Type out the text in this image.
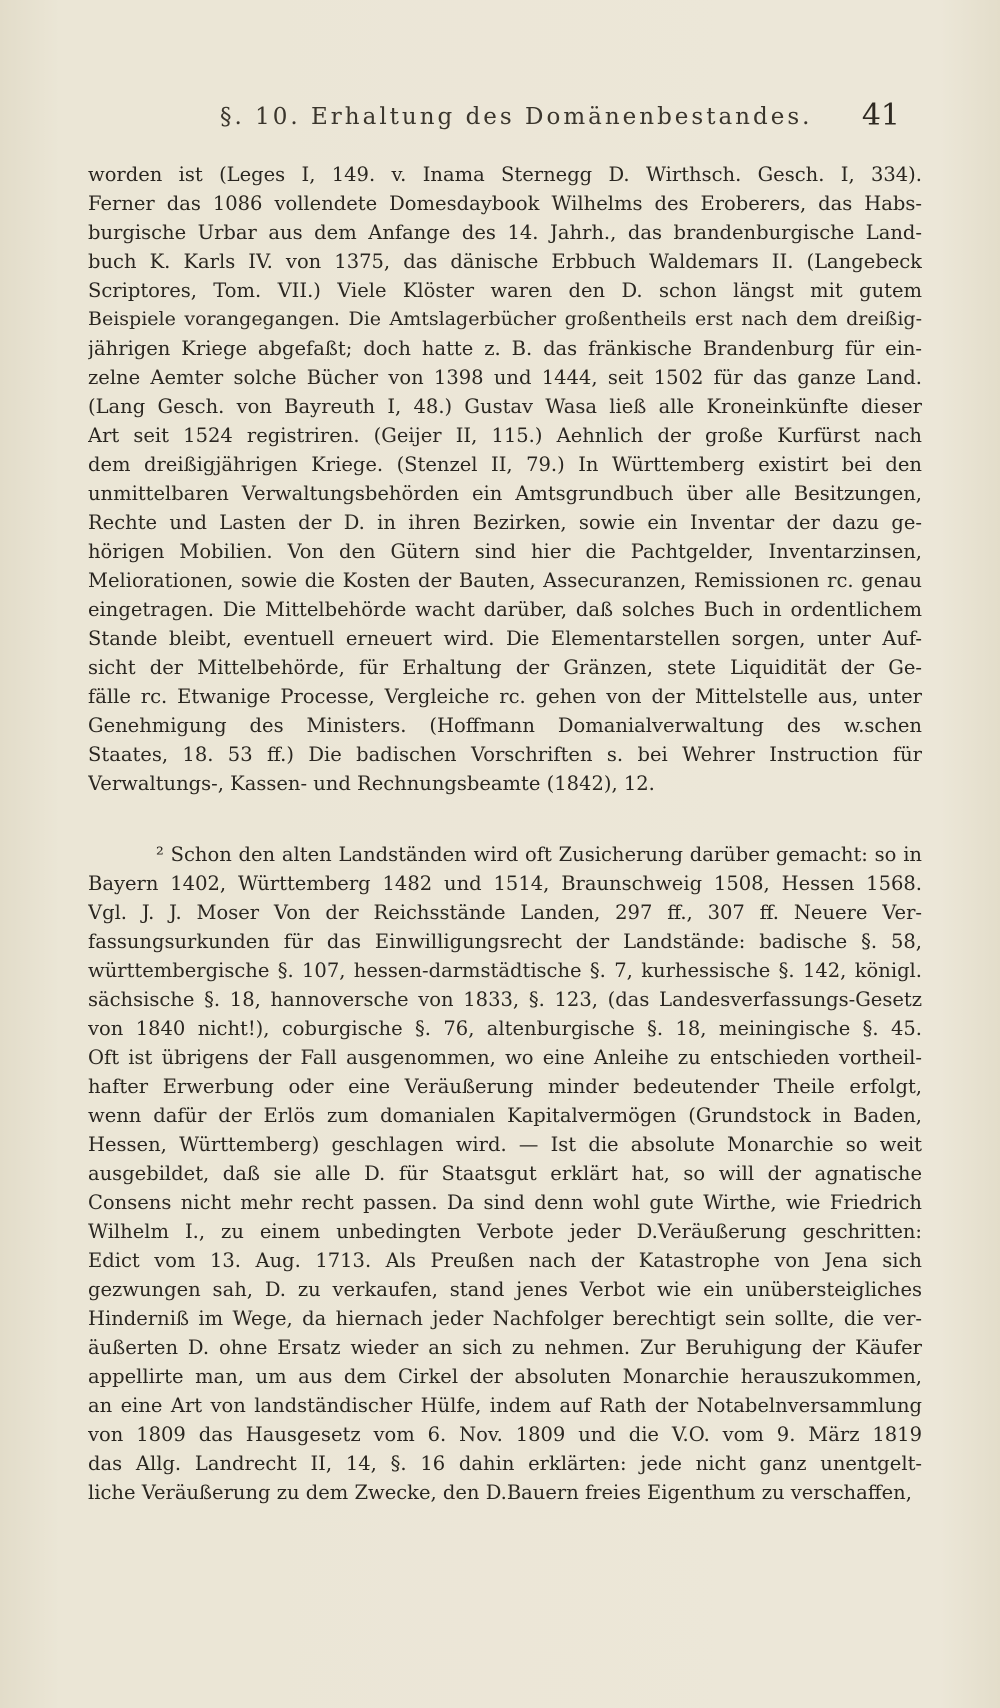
§. 10. Erhaltung des Domänenbestandes. 41
worden ist (Leges I, 149. v. Inama Sternegg D. Wirthsch. Gesch. I, 334).
Ferner das 1086 vollendete Domesdaybook Wilhelms des Eroberers, das Habs-
burgische Urbar aus dem Anfange des 14. Jahrh., das brandenburgische Land-
buch K. Karls IV. von 1375, das dänische Erbbuch Waldemars II. (Langebeck
Scriptores, Tom. VII.) Viele Klöster waren den D. schon längst mit gutem
Beispiele vorangegangen. Die Amtslagerbücher großentheils erst nach dem dreißig-
jährigen Kriege abgefaßt; doch hatte z. B. das fränkische Brandenburg für ein-
zelne Aemter solche Bücher von 1398 und 1444, seit 1502 für das ganze Land.
(Lang Gesch. von Bayreuth I, 48.) Gustav Wasa ließ alle Kroneinkünfte dieser
Art seit 1524 registriren. (Geijer II, 115.) Aehnlich der große Kurfürst nach
dem dreißigjährigen Kriege. (Stenzel II, 79.) In Württemberg existirt bei den
unmittelbaren Verwaltungsbehörden ein Amtsgrundbuch über alle Besitzungen,
Rechte und Lasten der D. in ihren Bezirken, sowie ein Inventar der dazu ge-
hörigen Mobilien. Von den Gütern sind hier die Pachtgelder, Inventarzinsen,
Meliorationen, sowie die Kosten der Bauten, Assecuranzen, Remissionen rc. genau
eingetragen. Die Mittelbehörde wacht darüber, daß solches Buch in ordentlichem
Stande bleibt, eventuell erneuert wird. Die Elementarstellen sorgen, unter Auf-
sicht der Mittelbehörde, für Erhaltung der Gränzen, stete Liquidität der Ge-
fälle rc. Etwanige Processe, Vergleiche rc. gehen von der Mittelstelle aus, unter
Genehmigung des Ministers. (Hoffmann Domanialverwaltung des w.schen
Staates, 18. 53 ff.) Die badischen Vorschriften s. bei Wehrer Instruction für
Verwaltungs-, Kassen- und Rechnungsbeamte (1842), 12.
² Schon den alten Landständen wird oft Zusicherung darüber gemacht: so in
Bayern 1402, Württemberg 1482 und 1514, Braunschweig 1508, Hessen 1568.
Vgl. J. J. Moser Von der Reichsstände Landen, 297 ff., 307 ff. Neuere Ver-
fassungsurkunden für das Einwilligungsrecht der Landstände: badische §. 58,
württembergische §. 107, hessen-darmstädtische §. 7, kurhessische §. 142, königl.
sächsische §. 18, hannoversche von 1833, §. 123, (das Landesverfassungs-Gesetz
von 1840 nicht!), coburgische §. 76, altenburgische §. 18, meiningische §. 45.
Oft ist übrigens der Fall ausgenommen, wo eine Anleihe zu entschieden vortheil-
hafter Erwerbung oder eine Veräußerung minder bedeutender Theile erfolgt,
wenn dafür der Erlös zum domanialen Kapitalvermögen (Grundstock in Baden,
Hessen, Württemberg) geschlagen wird. — Ist die absolute Monarchie so weit
ausgebildet, daß sie alle D. für Staatsgut erklärt hat, so will der agnatische
Consens nicht mehr recht passen. Da sind denn wohl gute Wirthe, wie Friedrich
Wilhelm I., zu einem unbedingten Verbote jeder D.Veräußerung geschritten:
Edict vom 13. Aug. 1713. Als Preußen nach der Katastrophe von Jena sich
gezwungen sah, D. zu verkaufen, stand jenes Verbot wie ein unübersteigliches
Hinderniß im Wege, da hiernach jeder Nachfolger berechtigt sein sollte, die ver-
äußerten D. ohne Ersatz wieder an sich zu nehmen. Zur Beruhigung der Käufer
appellirte man, um aus dem Cirkel der absoluten Monarchie herauszukommen,
an eine Art von landständischer Hülfe, indem auf Rath der Notabelnversammlung
von 1809 das Hausgesetz vom 6. Nov. 1809 und die V.O. vom 9. März 1819
das Allg. Landrecht II, 14, §. 16 dahin erklärten: jede nicht ganz unentgelt-
liche Veräußerung zu dem Zwecke, den D.Bauern freies Eigenthum zu verschaffen,
